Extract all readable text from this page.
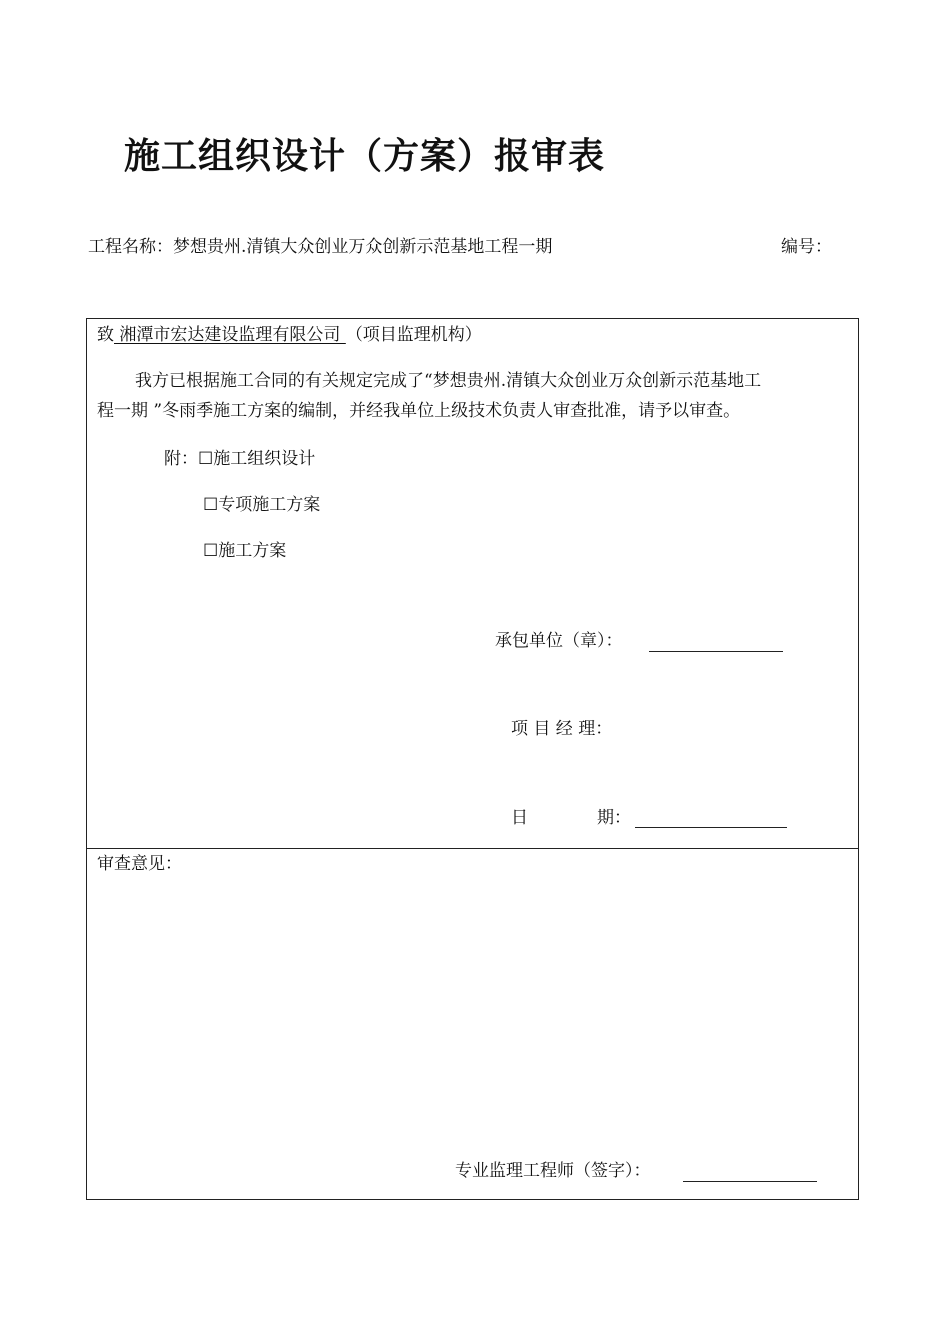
施工组织设计（方案）报审表
工程名称：梦想贵州.清镇大众创业万众创新示范基地工程一期	编号：
致 湘潭市宏达建设监理有限公司 （项目监理机构）
我方已根据施工合同的有关规定完成了“梦想贵州.清镇大众创业万众创新示范基地工
程一期 ”冬雨季施工方案的编制，并经我单位上级技术负责人审查批准，请予以审查。
附：☐施工组织设计
☐专项施工方案
☐施工方案
承包单位（章）：
项 目 经 理：
日	期：
审查意见：
专业监理工程师（签字）：
